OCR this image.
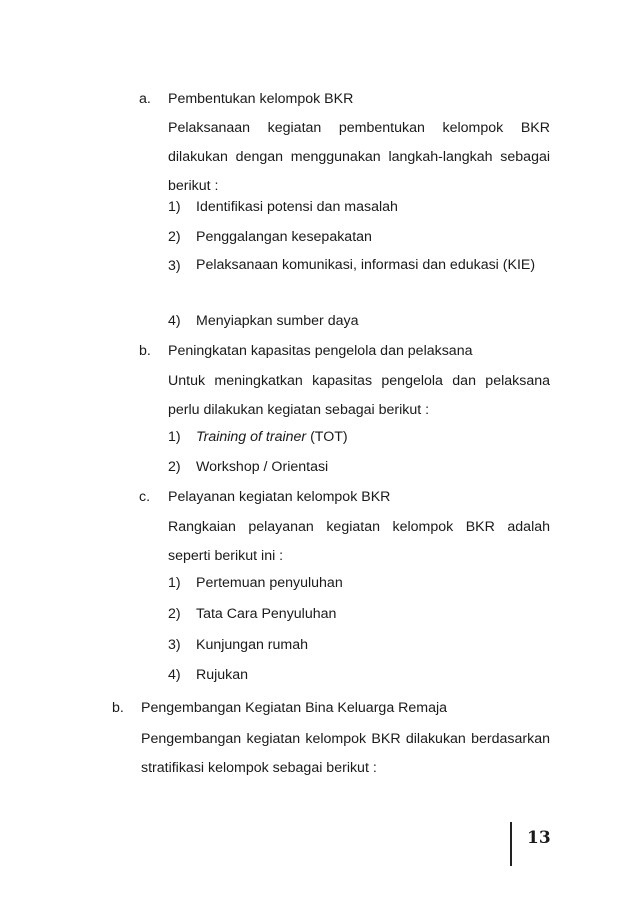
a. Pembentukan kelompok BKR
Pelaksanaan kegiatan pembentukan kelompok BKR dilakukan dengan menggunakan langkah-langkah sebagai berikut :
1) Identifikasi potensi dan masalah
2) Penggalangan kesepakatan
3) Pelaksanaan komunikasi, informasi dan edukasi (KIE)
4) Menyiapkan sumber daya
b. Peningkatan kapasitas pengelola dan pelaksana
Untuk meningkatkan kapasitas pengelola dan pelaksana perlu dilakukan kegiatan sebagai berikut :
1) Training of trainer (TOT)
2) Workshop / Orientasi
c. Pelayanan kegiatan kelompok BKR
Rangkaian pelayanan kegiatan kelompok BKR adalah seperti berikut ini :
1) Pertemuan penyuluhan
2) Tata Cara Penyuluhan
3) Kunjungan rumah
4) Rujukan
b. Pengembangan Kegiatan Bina Keluarga Remaja
Pengembangan kegiatan kelompok BKR dilakukan berdasarkan stratifikasi kelompok sebagai berikut :
13
